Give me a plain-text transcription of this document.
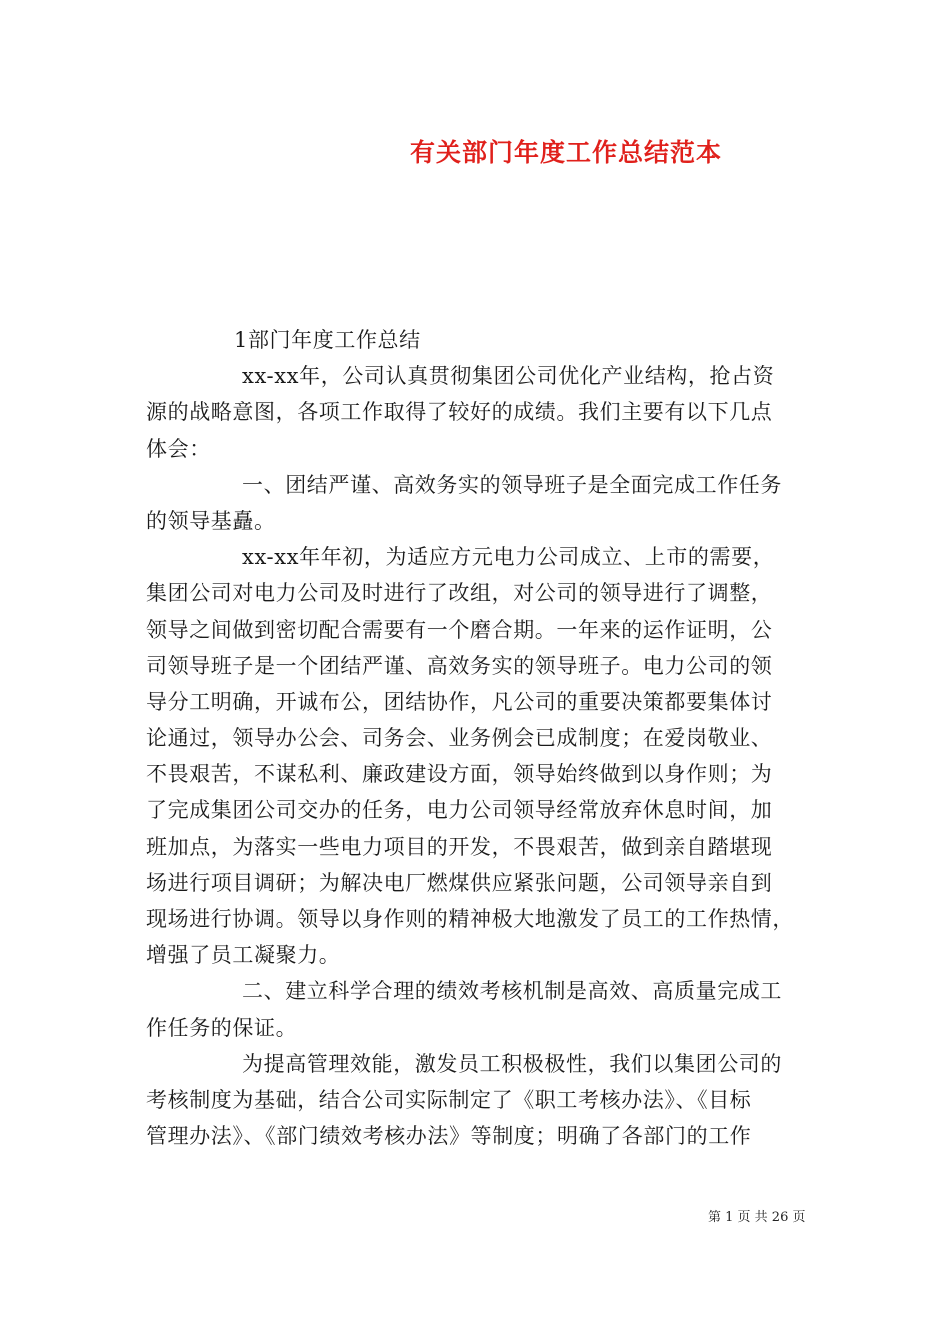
有关部门年度工作总结范本
1部门年度工作总结
xx-xx年，公司认真贯彻集团公司优化产业结构，抢占资
源的战略意图，各项工作取得了较好的成绩。我们主要有以下几点
体会：
一、团结严谨、高效务实的领导班子是全面完成工作任务
的领导基矗。
xx-xx年年初，为适应方元电力公司成立、上市的需要，
集团公司对电力公司及时进行了改组，对公司的领导进行了调整，
领导之间做到密切配合需要有一个磨合期。一年来的运作证明，公
司领导班子是一个团结严谨、高效务实的领导班子。电力公司的领
导分工明确，开诚布公，团结协作，凡公司的重要决策都要集体讨
论通过，领导办公会、司务会、业务例会已成制度；在爱岗敬业、
不畏艰苦，不谋私利、廉政建设方面，领导始终做到以身作则；为
了完成集团公司交办的任务，电力公司领导经常放弃休息时间，加
班加点，为落实一些电力项目的开发，不畏艰苦，做到亲自踏堪现
场进行项目调研；为解决电厂燃煤供应紧张问题，公司领导亲自到
现场进行协调。领导以身作则的精神极大地激发了员工的工作热情，
增强了员工凝聚力。
二、建立科学合理的绩效考核机制是高效、高质量完成工
作任务的保证。
为提高管理效能，激发员工积极极性，我们以集团公司的
考核制度为基础，结合公司实际制定了《职工考核办法》、《目标
管理办法》、《部门绩效考核办法》等制度；明确了各部门的工作
第 1 页 共 26 页
